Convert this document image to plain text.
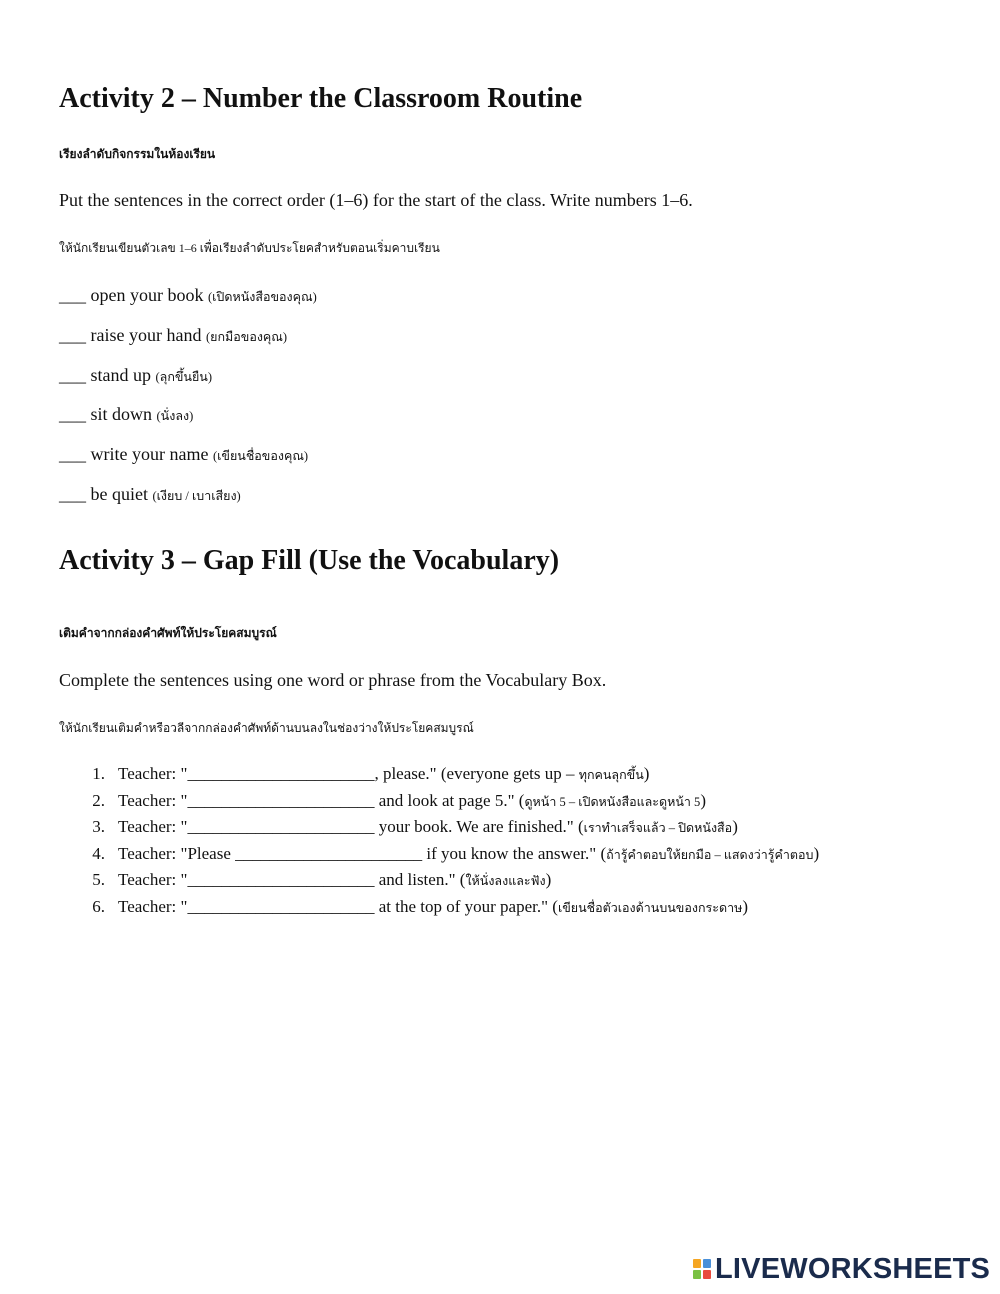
Activity 2 – Number the Classroom Routine
เรียงลำดับกิจกรรมในห้องเรียน
Put the sentences in the correct order (1–6) for the start of the class. Write numbers 1–6.
ให้นักเรียนเขียนตัวเลข 1–6 เพื่อเรียงลำดับประโยคสำหรับตอนเริ่มคาบเรียน
___ open your book (เปิดหนังสือของคุณ)
___ raise your hand (ยกมือของคุณ)
___ stand up (ลุกขึ้นยืน)
___ sit down (นั่งลง)
___ write your name (เขียนชื่อของคุณ)
___ be quiet (เงียบ / เบาเสียง)
Activity 3 – Gap Fill (Use the Vocabulary)
เติมคำจากกล่องคำศัพท์ให้ประโยคสมบูรณ์
Complete the sentences using one word or phrase from the Vocabulary Box.
ให้นักเรียนเติมคำหรือวลีจากกล่องคำศัพท์ด้านบนลงในช่องว่างให้ประโยคสมบูรณ์
1. Teacher: "______________________, please." (everyone gets up – ทุกคนลุกขึ้น)
2. Teacher: "______________________ and look at page 5." (ดูหน้า 5 – เปิดหนังสือและดูหน้า 5)
3. Teacher: "______________________ your book. We are finished." (เราทำเสร็จแล้ว – ปิดหนังสือ)
4. Teacher: "Please ______________________ if you know the answer." (ถ้ารู้คำตอบให้ยกมือ – แสดงว่ารู้คำตอบ)
5. Teacher: "______________________ and listen." (ให้นั่งลงและฟัง)
6. Teacher: "______________________ at the top of your paper." (เขียนชื่อตัวเองด้านบนของกระดาษ)
LIVEWORKSHEETS
